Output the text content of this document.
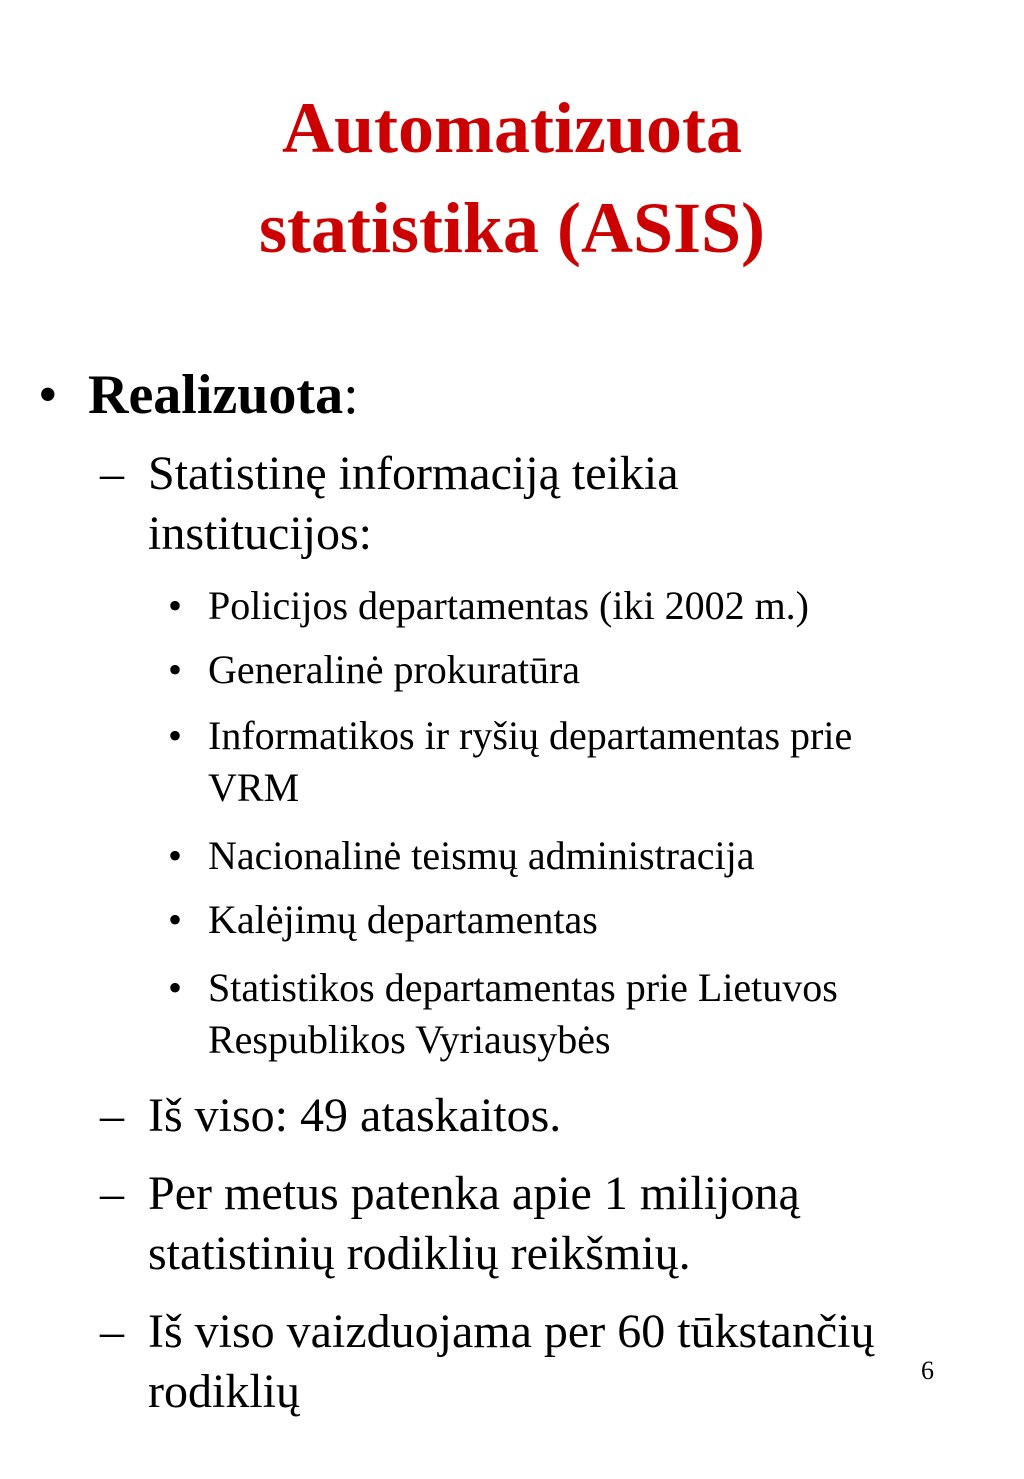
Automatizuota
statistika (ASIS)
• Realizuota:
– Statistinę informaciją teikia
institucijos:
• Policijos departamentas (iki 2002 m.)
• Generalinė prokuratūra
• Informatikos ir ryšių departamentas prie
VRM
• Nacionalinė teismų administracija
• Kalėjimų departamentas
• Statistikos departamentas prie Lietuvos
Respublikos Vyriausybės
– Iš viso: 49 ataskaitos.
– Per metus patenka apie 1 milijoną
statistinių rodiklių reikšmių.
– Iš viso vaizduojama per 60 tūkstančių
rodiklių	6
